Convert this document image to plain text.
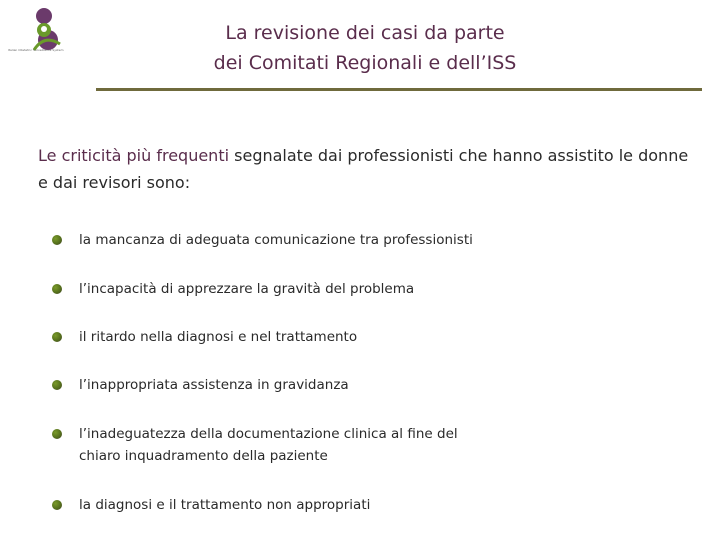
Italian Obstetric Surveillance System
La revisione dei casi da parte
dei Comitati Regionali e dell’ISS
Le criticità più frequenti segnalate dai professionisti che hanno assistito le donne e dai revisori sono:
la mancanza di adeguata comunicazione tra professionisti
l’incapacità di apprezzare la gravità del problema
il ritardo nella diagnosi e nel trattamento
l’inappropriata assistenza in gravidanza
l’inadeguatezza della documentazione clinica al fine del
chiaro inquadramento della paziente
la diagnosi e il trattamento non appropriati
